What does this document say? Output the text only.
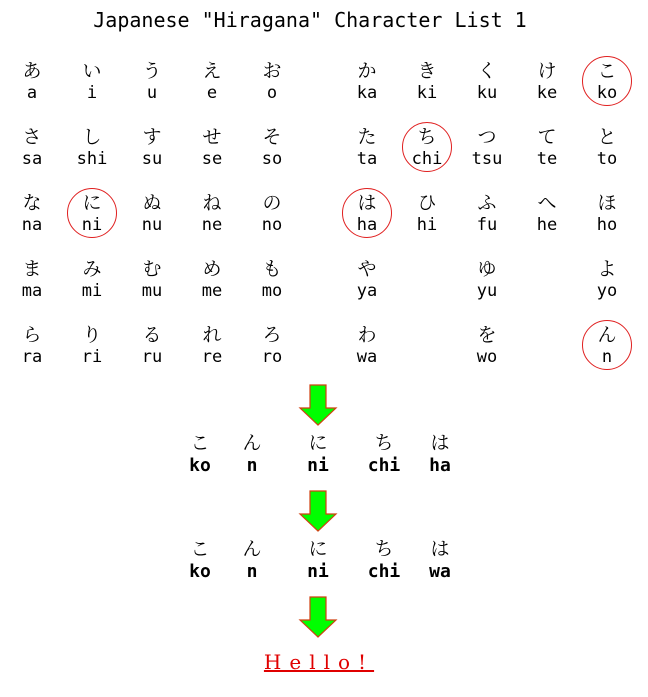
Japanese "Hiragana" Character List 1
あ
a
い
i
う
u
え
e
お
o
か
ka
き
ki
く
ku
け
ke
こ
ko
さ
sa
し
shi
す
su
せ
se
そ
so
た
ta
ち
chi
つ
tsu
て
te
と
to
な
na
に
ni
ぬ
nu
ね
ne
の
no
は
ha
ひ
hi
ふ
fu
へ
he
ほ
ho
ま
ma
み
mi
む
mu
め
me
も
mo
や
ya
ゆ
yu
よ
yo
ら
ra
り
ri
る
ru
れ
re
ろ
ro
わ
wa
を
wo
ん
n
こ
ko
ん
n
に
ni
ち
chi
は
ha
こ
ko
ん
n
に
ni
ち
chi
は
wa
Hello!
